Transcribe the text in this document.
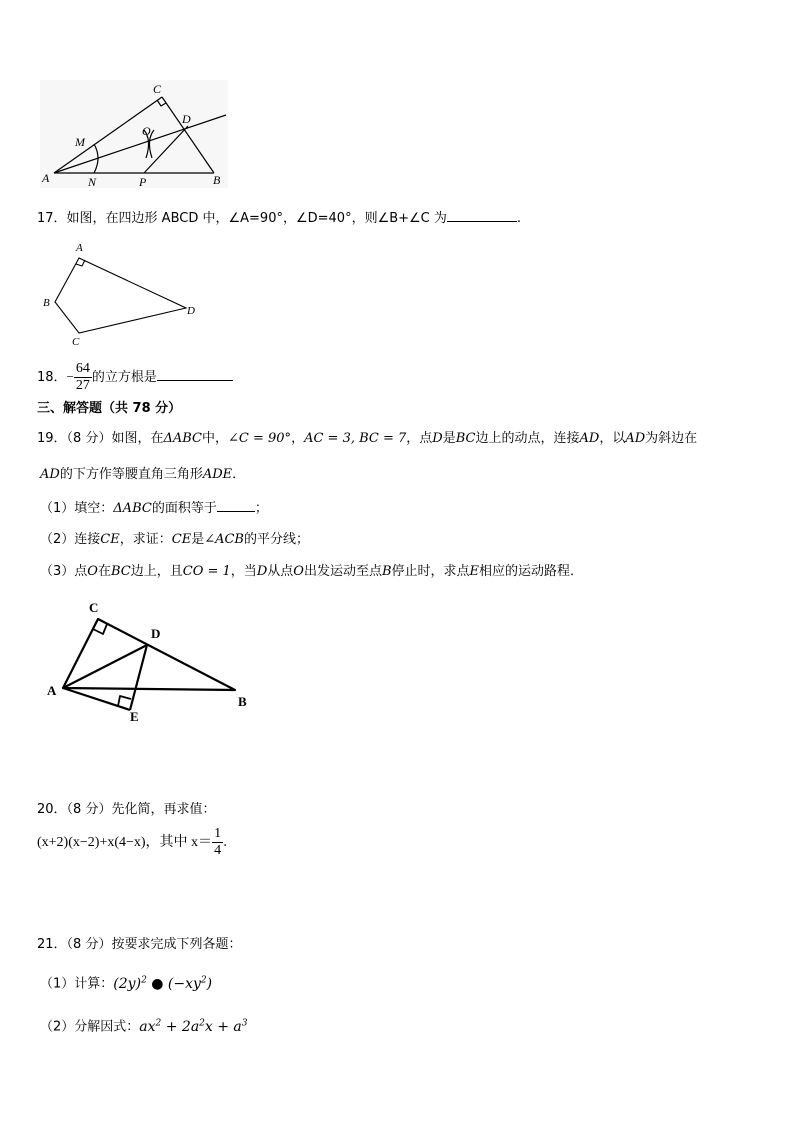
C
M
O
D
A	N	P	B
17．如图，在四边形 ABCD 中，∠A=90°，∠D=40°，则∠B+∠C 为	.
A
B
C
D
18．− $\frac{64}{27}$ 的立方根是
三、解答题（共 78 分）
19．（8 分）如图，在ΔABC中，∠C = 90°，AC = 3, BC = 7，点D是BC边上的动点，连接AD，以AD为斜边在
AD的下方作等腰直角三角形ADE．
（1）填空：ΔABC的面积等于	；
（2）连接CE，求证：CE是∠ACB的平分线；
（3）点O在BC边上，且CO = 1，当D从点O出发运动至点B停止时，求点E相应的运动路程．
C
D
A
E
B
20．（8 分）先化简，再求值：
(x+2)(x−2)+x(4−x)，其中 $x= \frac{1}{4}$ .
21．（8 分）按要求完成下列各题：
（1）计算：$(2y)^2$ ● $(-xy^2)$
（2）分解因式：$ax^2 + 2a^2x + a^3$
